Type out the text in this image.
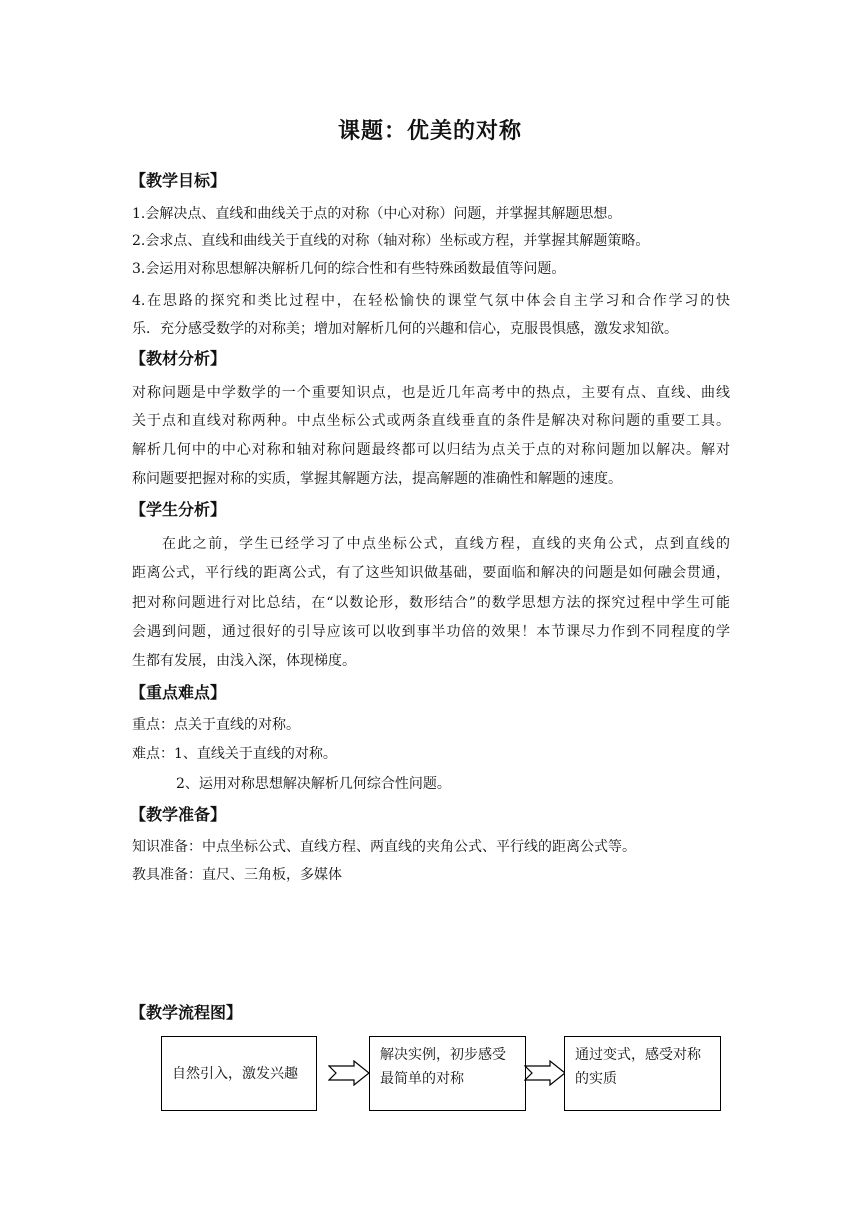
课题：优美的对称
【教学目标】
1.会解决点、直线和曲线关于点的对称（中心对称）问题，并掌握其解题思想。
2.会求点、直线和曲线关于直线的对称（轴对称）坐标或方程，并掌握其解题策略。
3.会运用对称思想解决解析几何的综合性和有些特殊函数最值等问题。
4.在思路的探究和类比过程中，在轻松愉快的课堂气氛中体会自主学习和合作学习的快
乐．充分感受数学的对称美；增加对解析几何的兴趣和信心，克服畏惧感，激发求知欲。
【教材分析】
对称问题是中学数学的一个重要知识点，也是近几年高考中的热点，主要有点、直线、曲线
关于点和直线对称两种。中点坐标公式或两条直线垂直的条件是解决对称问题的重要工具。
解析几何中的中心对称和轴对称问题最终都可以归结为点关于点的对称问题加以解决。解对
称问题要把握对称的实质，掌握其解题方法，提高解题的准确性和解题的速度。
【学生分析】
在此之前，学生已经学习了中点坐标公式，直线方程，直线的夹角公式，点到直线的
距离公式，平行线的距离公式，有了这些知识做基础，要面临和解决的问题是如何融会贯通，
把对称问题进行对比总结，在“以数论形，数形结合”的数学思想方法的探究过程中学生可能
会遇到问题，通过很好的引导应该可以收到事半功倍的效果！本节课尽力作到不同程度的学
生都有发展，由浅入深，体现梯度。
【重点难点】
重点：点关于直线的对称。
难点：1、直线关于直线的对称。
2、运用对称思想解决解析几何综合性问题。
【教学准备】
知识准备：中点坐标公式、直线方程、两直线的夹角公式、平行线的距离公式等。
教具准备：直尺、三角板，多媒体
【教学流程图】
自然引入，激发兴趣
解决实例，初步感受最简单的对称
通过变式，感受对称的实质
